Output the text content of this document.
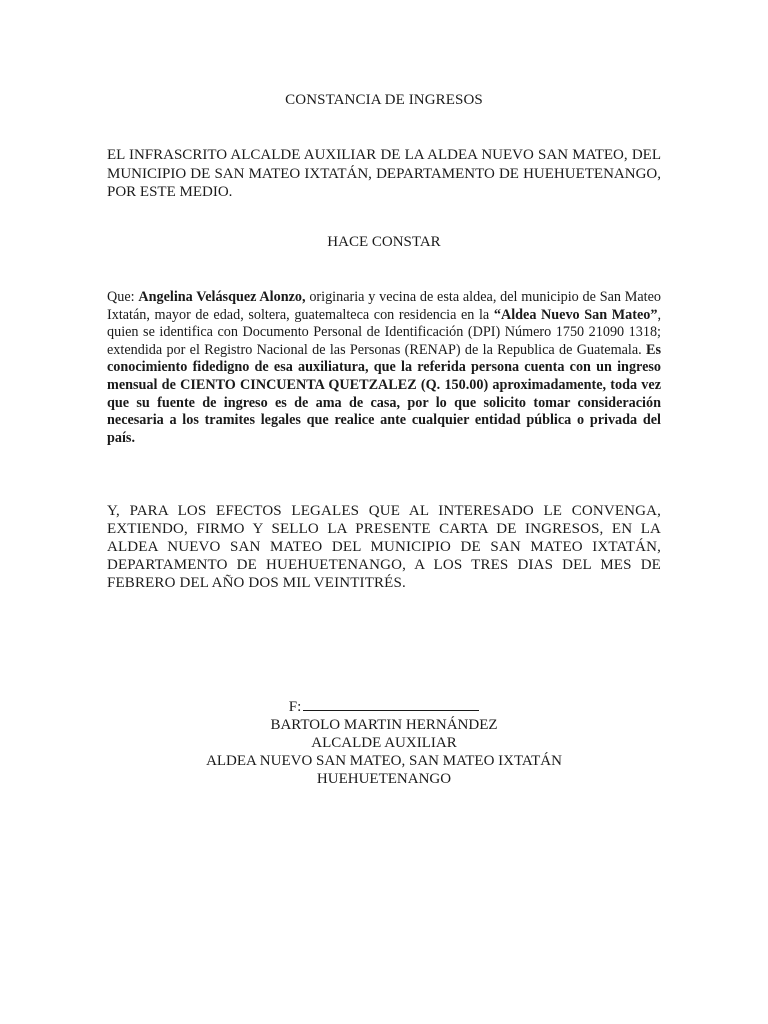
CONSTANCIA DE INGRESOS
EL INFRASCRITO ALCALDE AUXILIAR DE LA ALDEA NUEVO SAN MATEO, DEL MUNICIPIO DE SAN MATEO IXTATÁN, DEPARTAMENTO DE HUEHUETENANGO, POR ESTE MEDIO.
HACE CONSTAR
Que: Angelina Velásquez Alonzo, originaria y vecina de esta aldea, del municipio de San Mateo Ixtatán, mayor de edad, soltera, guatemalteca con residencia en la “Aldea Nuevo San Mateo”, quien se identifica con Documento Personal de Identificación (DPI) Número 1750 21090 1318; extendida por el Registro Nacional de las Personas (RENAP) de la Republica de Guatemala. Es conocimiento fidedigno de esa auxiliatura, que la referida persona cuenta con un ingreso mensual de CIENTO CINCUENTA QUETZALEZ (Q. 150.00) aproximadamente, toda vez que su fuente de ingreso es de ama de casa, por lo que solicito tomar consideración necesaria a los tramites legales que realice ante cualquier entidad pública o privada del país.
Y, PARA LOS EFECTOS LEGALES QUE AL INTERESADO LE CONVENGA, EXTIENDO, FIRMO Y SELLO LA PRESENTE CARTA DE INGRESOS, EN LA ALDEA NUEVO SAN MATEO DEL MUNICIPIO DE SAN MATEO IXTATÁN, DEPARTAMENTO DE HUEHUETENANGO, A LOS TRES DIAS DEL MES DE FEBRERO DEL AÑO DOS MIL VEINTITRÉS.
F:
BARTOLO MARTIN HERNÁNDEZ
ALCALDE AUXILIAR
ALDEA NUEVO SAN MATEO, SAN MATEO IXTATÁN
HUEHUETENANGO
